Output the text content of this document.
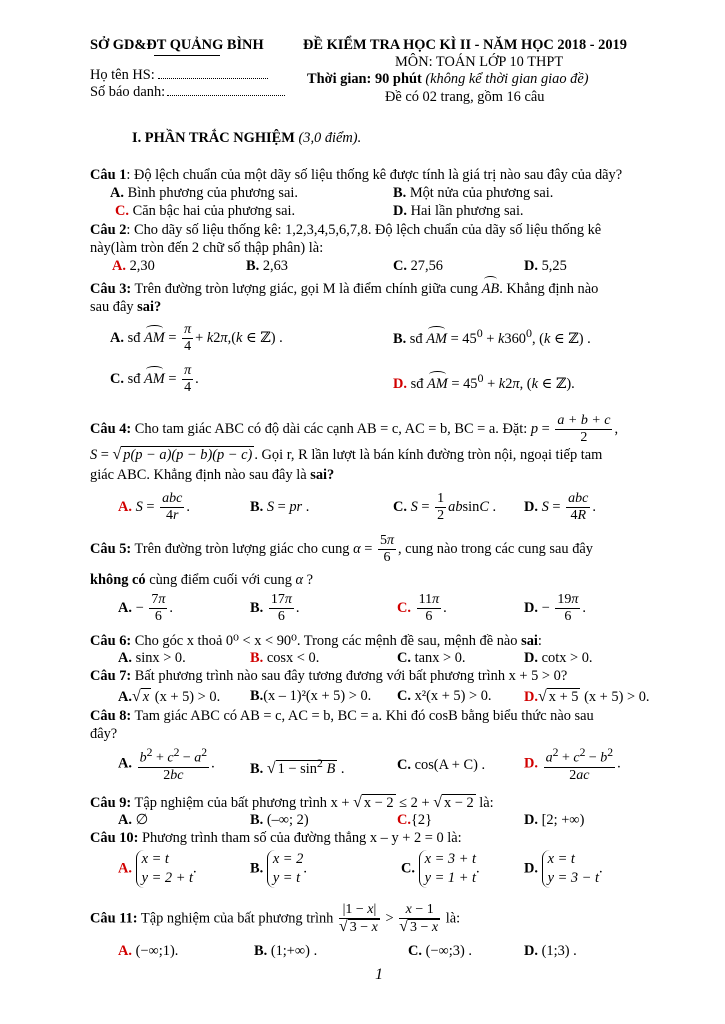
SỞ GD&ĐT QUẢNG BÌNH	ĐỀ KIỂM TRA HỌC KÌ II - NĂM HỌC 2018 - 2019
MÔN: TOÁN LỚP 10 THPT
Họ tên HS:
Số báo danh:
Thời gian: 90 phút (không kể thời gian giao đề)
Đề có 02 trang, gồm 16 câu
I. PHẦN TRẮC NGHIỆM (3,0 điểm).
Câu 1: Độ lệch chuẩn của một dãy số liệu thống kê được tính là giá trị nào sau đây của dãy?
A. Bình phương của phương sai.	B. Một nửa của phương sai.
C. Căn bậc hai của phương sai.	D. Hai lần phương sai.
Câu 2: Cho dãy số liệu thống kê: 1,2,3,4,5,6,7,8. Độ lệch chuẩn của dãy số liệu thống kê
này(làm tròn đến 2 chữ số thập phân) là:
A. 2,30	B. 2,63	C. 27,56	D. 5,25
Câu 3: Trên đường tròn lượng giác, gọi M là điểm chính giữa cung AB. Khẳng định nào
sau đây sai?
A. sđ AM = $\frac{\pi}{4} + k2\pi,(k$ ∈ ℤ) .	B. sđ AM = $45^0 + k360^0$, (k ∈ ℤ) .
C. sđ AM = $\frac{\pi}{4}$ .	D. sđ AM = $45^0 + k2\pi$, (k ∈ ℤ).
Câu 4: Cho tam giác ABC có độ dài các cạnh AB = c, AC = b, BC = a. Đặt: $p = \frac{a + b + c}{2}$ ,
S = √ p(p − a)(p − b)(p − c) . Gọi r, R lần lượt là bán kính đường tròn nội, ngoại tiếp tam
giác ABC. Khẳng định nào sau đây là sai?
A. $S = \frac{\text{abc}}{4r}$ .	B. S = pr .	C. $S = \frac{1}{2}$ absinC . D. $S = \frac{\text{abc}}{4R}$ .
Câu 5: Trên đường tròn lượng giác cho cung $\alpha = \frac{5\pi}{6}$ , cung nào trong các cung sau đây
không có cùng điểm cuối với cung α ?
A. − $\frac{7\pi}{6}$ .	B. $\frac{17\pi}{6}$ .	C. $\frac{11\pi}{6}$ .	D. − $\frac{19\pi}{6}$ .
Câu 6: Cho góc x thoả 0⁰ < x < 90⁰. Trong các mệnh đề sau, mệnh đề nào sai:
A. sinx > 0.	B. cosx < 0.	C. tanx > 0.	D. cotx > 0.
Câu 7: Bất phương trình nào sau đây tương đương với bất phương trình x + 5 > 0?
A.√ x (x + 5) > 0. B.(x – 1)²(x + 5) > 0. C. x²(x + 5) > 0. D.√ x + 5 (x + 5) > 0.
Câu 8: Tam giác ABC có AB = c, AC = b, BC = a. Khi đó cosB bằng biểu thức nào sau
đây?
A. $\frac{b^2 + c^2 - a^2}{2bc}$ . B. √ $1 - \sin^2 B$ .	C. cos(A + C) .	D. $\frac{a^2 + c^2 - b^2}{2ac}$ .
Câu 9: Tập nghiệm của bất phương trình x + √ x − 2 ≤ 2 + √ x − 2 là:
A. ∅	B. (–∞; 2)	C.{2}	D. [2; +∞)
Câu 10: Phương trình tham số của đường thẳng x – y + 2 = 0 là:
A.
x = t
y = 2 + t
.	B.
x = 2
y = t
.	C.
x = 3 + t
y = 1 + t
.	D.
x = t
y = 3 − t
.
Câu 11: Tập nghiệm của bất phương trình $\frac{|1 - x|}{√ 3 - x} > \frac{x - 1}{√ 3 - x}$ là:
A. (−∞;1).	B. (1;+∞) .	C. (−∞;3) .	D. (1;3) .
1
